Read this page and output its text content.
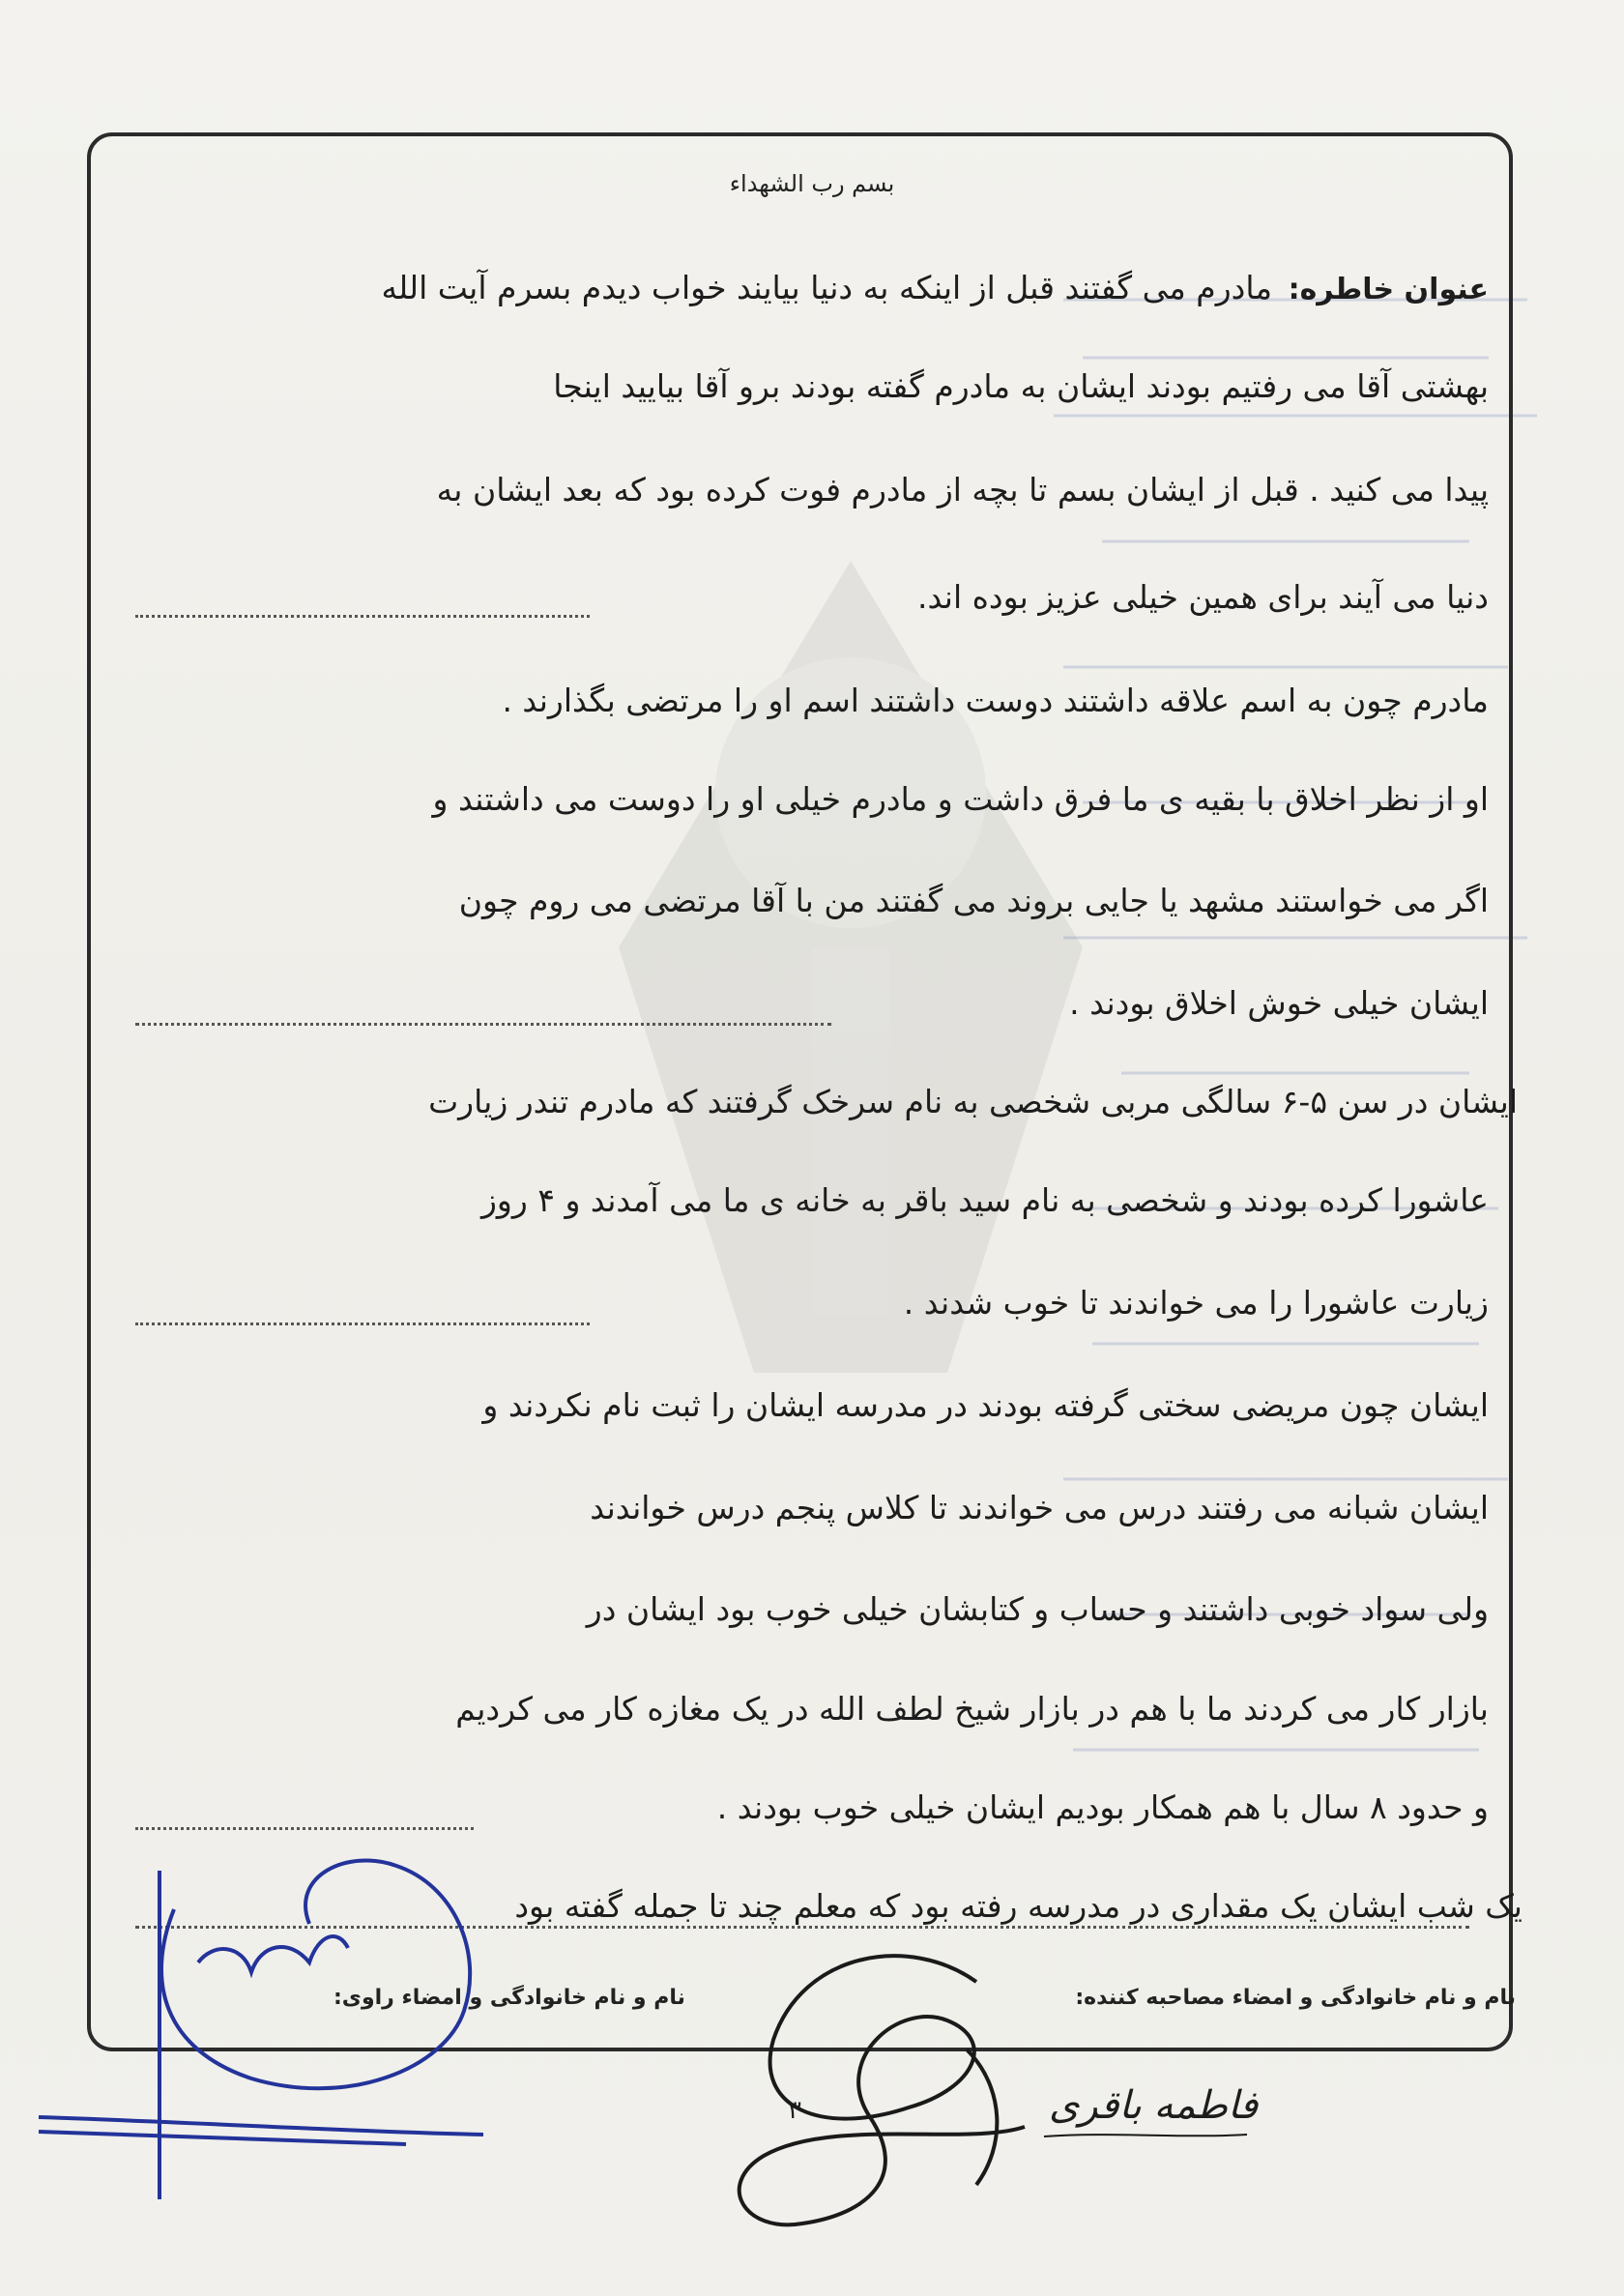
بسم رب الشهداء
عنوان خاطره: مادرم می گفتند قبل از اینکه به دنیا بیایند خواب دیدم بسرم آیت الله
بهشتی آقا می رفتیم بودند ایشان به مادرم گفته بودند برو آقا بیایید اینجا
پیدا می کنید . قبل از ایشان بسم تا بچه از مادرم فوت کرده بود که بعد ایشان به
دنیا می آیند برای همین خیلی عزیز بوده اند.
مادرم چون به اسم علاقه داشتند دوست داشتند اسم او را مرتضی بگذارند .
او از نظر اخلاق با بقیه ی ما فرق داشت و مادرم خیلی او را دوست می داشتند و
اگر می خواستند مشهد یا جایی بروند می گفتند من با آقا مرتضی می روم چون
ایشان خیلی خوش اخلاق بودند .
ایشان در سن ۵-۶ سالگی مربی شخصی به نام سرخک گرفتند که مادرم تندر زیارت
عاشورا کرده بودند و شخصی به نام سید باقر به خانه ی ما می آمدند و ۴ روز
زیارت عاشورا را می خواندند تا خوب شدند .
ایشان چون مریضی سختی گرفته بودند در مدرسه ایشان را ثبت نام نکردند و
ایشان شبانه می رفتند درس می خواندند تا کلاس پنجم درس خواندند
ولی سواد خوبی داشتند و حساب و کتابشان خیلی خوب بود ایشان در
بازار کار می کردند ما با هم در بازار شیخ لطف الله در یک مغازه کار می کردیم
و حدود ۸ سال با هم همکار بودیم ایشان خیلی خوب بودند .
یک شب ایشان یک مقداری در مدرسه رفته بود که معلم چند تا جمله گفته بود
نام و نام خانوادگی و امضاء مصاحبه کننده:
نام و نام خانوادگی و امضاء راوی:
۳	فاطمه باقری
